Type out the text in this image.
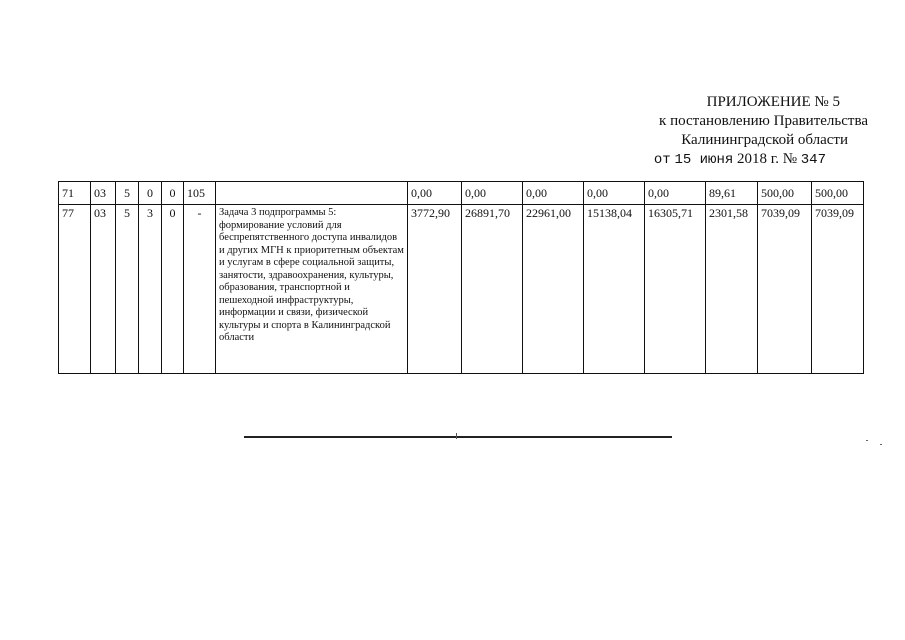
ПРИЛОЖЕНИЕ № 5
к постановлению Правительства
Калининградской области
от 15 июня 2018 г. № 347
71	03	5	0	0	105		0,00	0,00	0,00	0,00	0,00	89,61	500,00	500,00
77	03	5	3	0	-	Задача 3 подпрограммы 5: формирование условий для беспрепятственного доступа инвалидов и других МГН к приоритетным объектам и услугам в сфере социальной защиты, занятости, здравоохранения, культуры, образования, транспортной и пешеходной инфраструктуры, информации и связи, физической культуры и спорта в Калининградской области	3772,90	26891,70	22961,00	15138,04	16305,71	2301,58	7039,09	7039,09
